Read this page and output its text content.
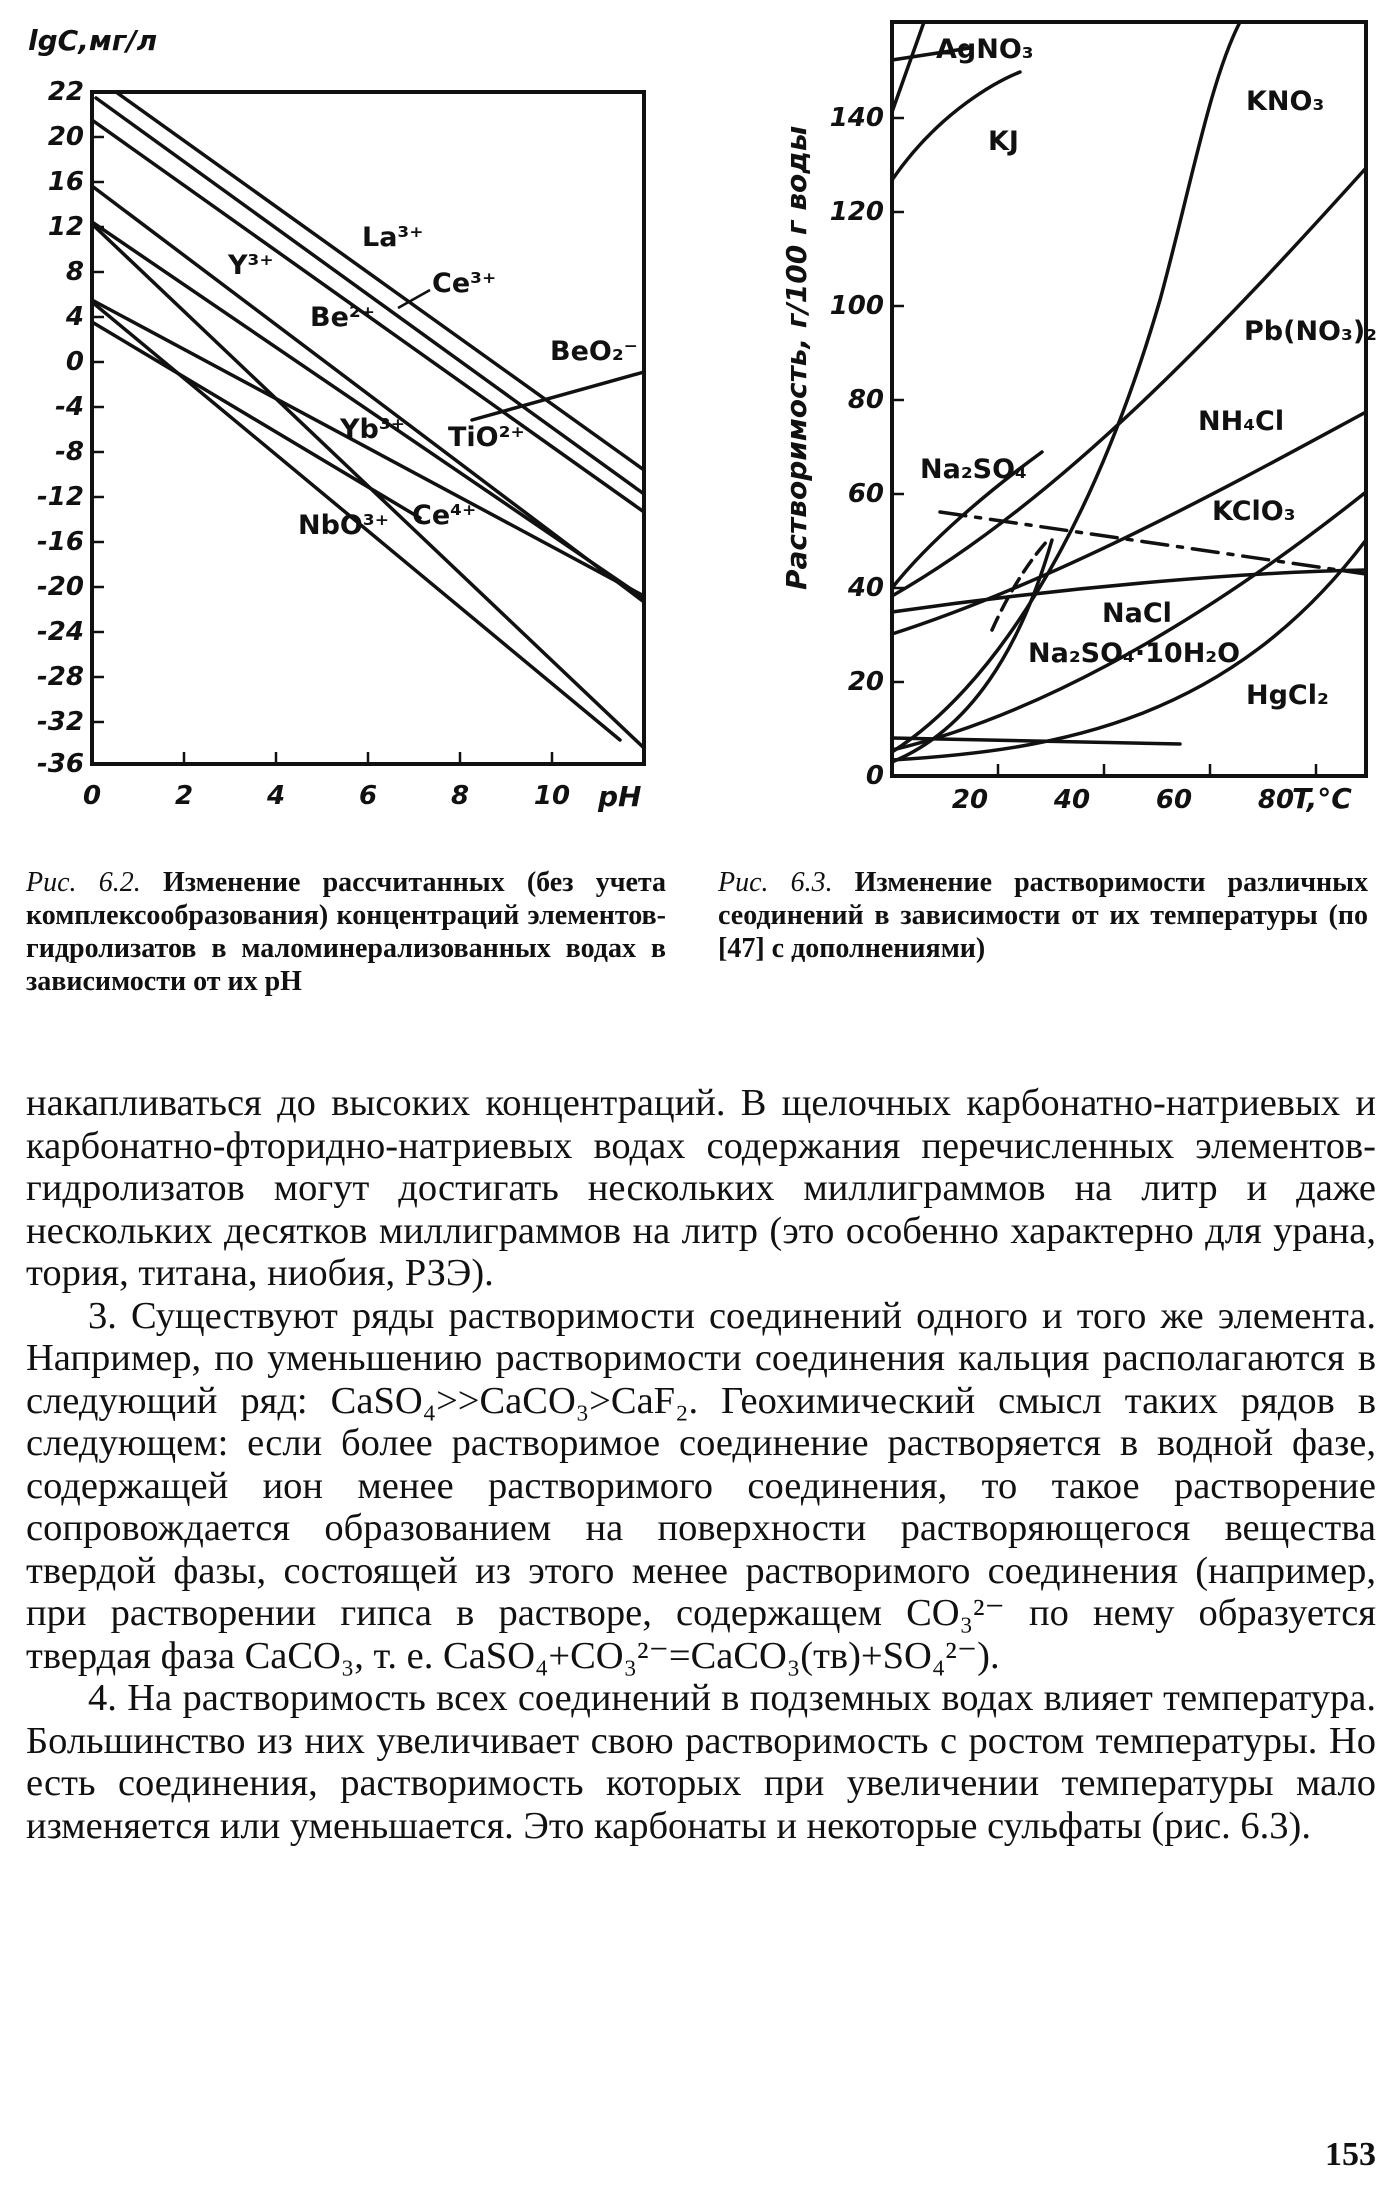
lgC,мг/л
22
20
16
12
8
4
0
-4
-8
-12
-16
-20
-24
-28
-32
-36
0	2	4	6	8 10 pH
La³⁺
Ce³⁺
Y³⁺
Be²⁺
BeO₂⁻
Yb³⁺ TiO²⁺
NbO³⁺ Ce⁴⁺	Растворимость, г/100 г воды
0
20
40
60
80
100
120
140
20	40	60	80
T,°C
AgNO₃
KJ
KNO₃
Pb(NO₃)₂
NH₄Cl
Na₂SO₄
KClO₃
NaCl
Na₂SO₄·10H₂O
HgCl₂
Рис. 6.2. Изменение рассчитанных (без учета комплексообразования) концентраций элементов-гидролизатов в маломинерализованных водах в зависимости от их pH
Рис. 6.3. Изменение растворимости различных сеодинений в зависимости от их температуры (по [47] с дополнениями)

накапливаться до высоких концентраций. В щелочных карбонатно-натриевых и карбонатно-фторидно-натриевых водах содержания перечисленных элементов-гидролизатов могут достигать нескольких миллиграммов на литр и даже нескольких десятков миллиграммов на литр (это особенно характерно для урана, тория, титана, ниобия, РЗЭ).

3. Существуют ряды растворимости соединений одного и того же элемента. Например, по уменьшению растворимости соединения кальция располагаются в следующий ряд: CaSO₄>>CaCO₃>CaF₂. Геохимический смысл таких рядов в следующем: если более растворимое соединение растворяется в водной фазе, содержащей ион менее растворимого соединения, то такое растворение сопровождается образованием на поверхности растворяющегося вещества твердой фазы, состоящей из этого менее растворимого соединения (например, при растворении гипса в растворе, содержащем CO₃²⁻ по нему образуется твердая фаза CaCO₃, т. е. CaSO₄+CO₃²⁻=CaCO₃(тв)+SO₄²⁻).

4. На растворимость всех соединений в подземных водах влияет температура. Большинство из них увеличивает свою растворимость с ростом температуры. Но есть соединения, растворимость которых при увеличении температуры мало изменяется или уменьшается. Это карбонаты и некоторые сульфаты (рис. 6.3).

153
